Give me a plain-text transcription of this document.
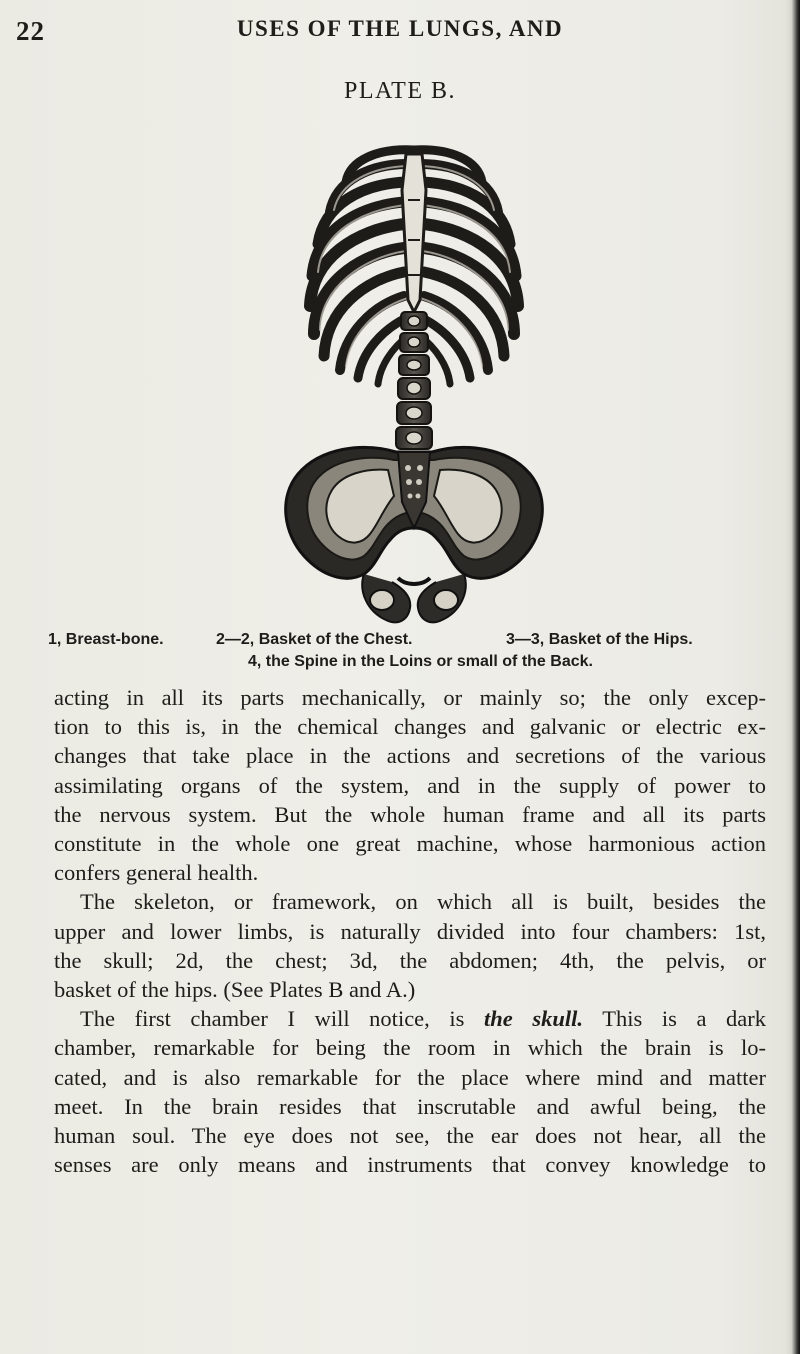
22	USES OF THE LUNGS, AND
PLATE B.
1, Breast-bone.	2—2, Basket of the Chest.	3—3, Basket of the Hips.
4, the Spine in the Loins or small of the Back.
acting in all its parts mechanically, or mainly so; the only excep-
tion to this is, in the chemical changes and galvanic or electric ex-
changes that take place in the actions and secretions of the various
assimilating organs of the system, and in the supply of power to
the nervous system. But the whole human frame and all its parts
constitute in the whole one great machine, whose harmonious action
confers general health.
The skeleton, or framework, on which all is built, besides the
upper and lower limbs, is naturally divided into four chambers: 1st,
the skull; 2d, the chest; 3d, the abdomen; 4th, the pelvis, or
basket of the hips. (See Plates B and A.)
The first chamber I will notice, is the skull. This is a dark
chamber, remarkable for being the room in which the brain is lo-
cated, and is also remarkable for the place where mind and matter
meet. In the brain resides that inscrutable and awful being, the
human soul. The eye does not see, the ear does not hear, all the
senses are only means and instruments that convey knowledge to
